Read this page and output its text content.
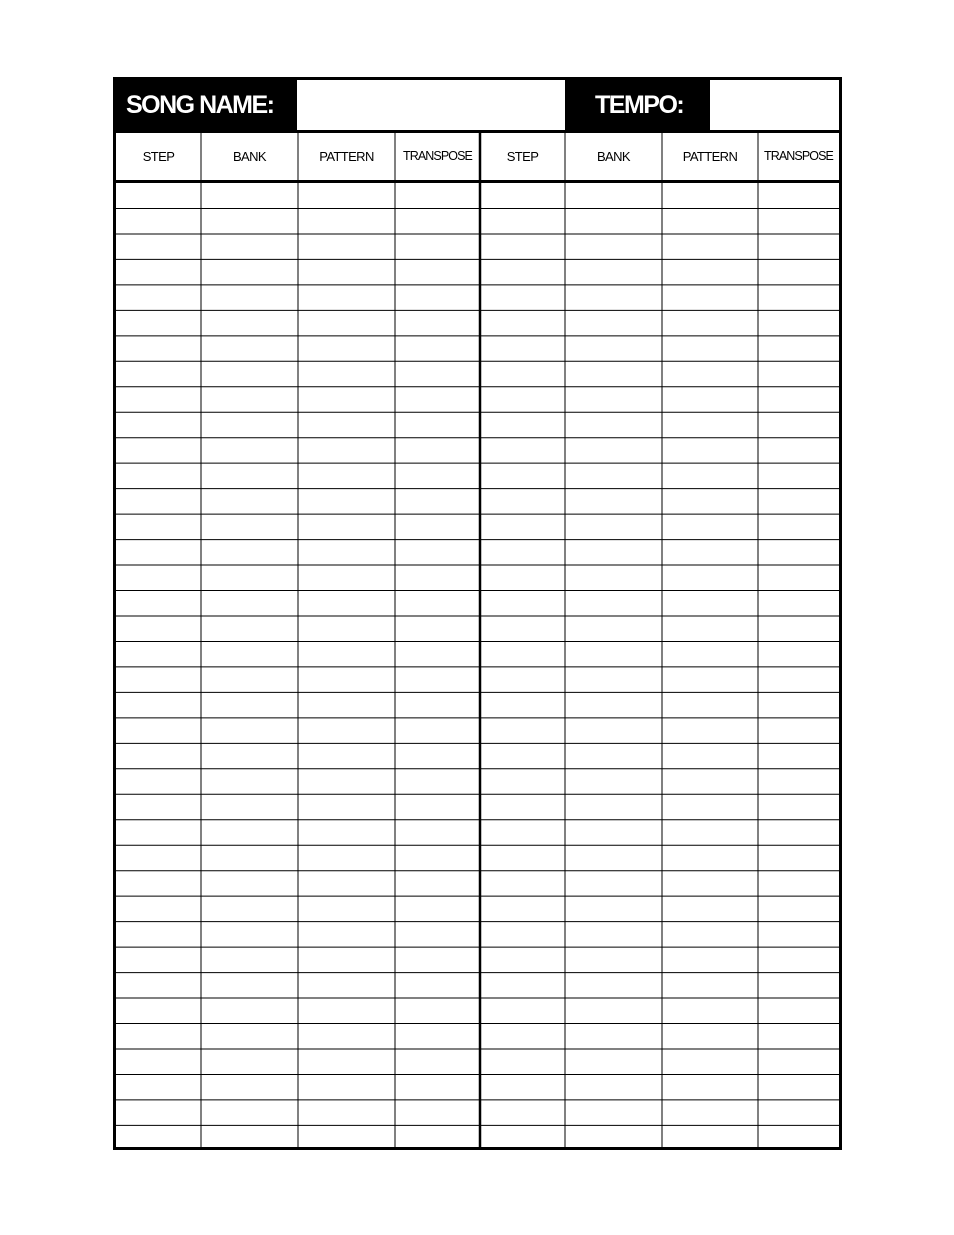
SONG NAME:	TEMPO:
STEP	BANK	PATTERN	TRANSPOSE	STEP	BANK	PATTERN	TRANSPOSE
